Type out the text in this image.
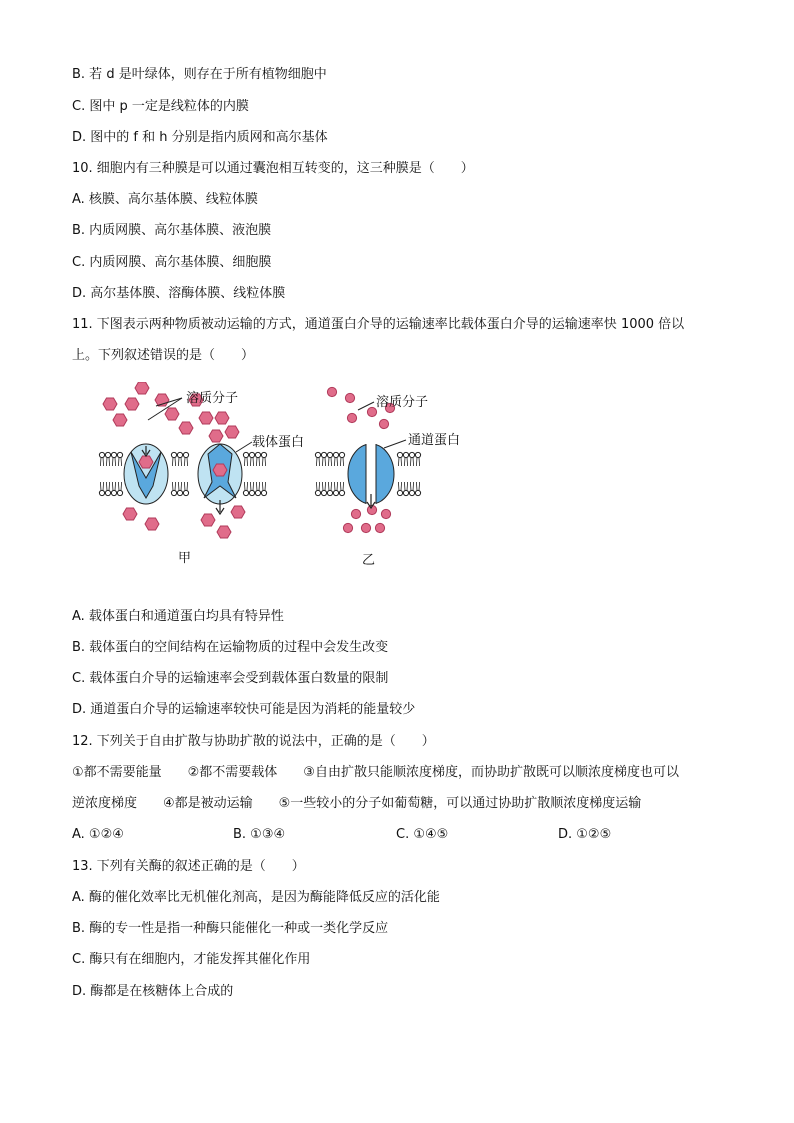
B. 若 d 是叶绿体，则存在于所有植物细胞中
C. 图中 p 一定是线粒体的内膜
D. 图中的 f 和 h 分别是指内质网和高尔基体
10. 细胞内有三种膜是可以通过囊泡相互转变的，这三种膜是（　　）
A. 核膜、高尔基体膜、线粒体膜
B. 内质网膜、高尔基体膜、液泡膜
C. 内质网膜、高尔基体膜、细胞膜
D. 高尔基体膜、溶酶体膜、线粒体膜
11. 下图表示两种物质被动运输的方式，通道蛋白介导的运输速率比载体蛋白介导的运输速率快 1000 倍以
上。下列叙述错误的是（　　）
溶质分子
载体蛋白
溶质分子
通道蛋白
甲	乙
A. 载体蛋白和通道蛋白均具有特异性
B. 载体蛋白的空间结构在运输物质的过程中会发生改变
C. 载体蛋白介导的运输速率会受到载体蛋白数量的限制
D. 通道蛋白介导的运输速率较快可能是因为消耗的能量较少
12. 下列关于自由扩散与协助扩散的说法中，正确的是（　　）
①都不需要能量　　②都不需要载体　　③自由扩散只能顺浓度梯度，而协助扩散既可以顺浓度梯度也可以
逆浓度梯度　　④都是被动运输　　⑤一些较小的分子如葡萄糖，可以通过协助扩散顺浓度梯度运输
A. ①②④	B. ①③④	C. ①④⑤	D. ①②⑤
13. 下列有关酶的叙述正确的是（　　）
A. 酶的催化效率比无机催化剂高，是因为酶能降低反应的活化能
B. 酶的专一性是指一种酶只能催化一种或一类化学反应
C. 酶只有在细胞内，才能发挥其催化作用
D. 酶都是在核糖体上合成的
